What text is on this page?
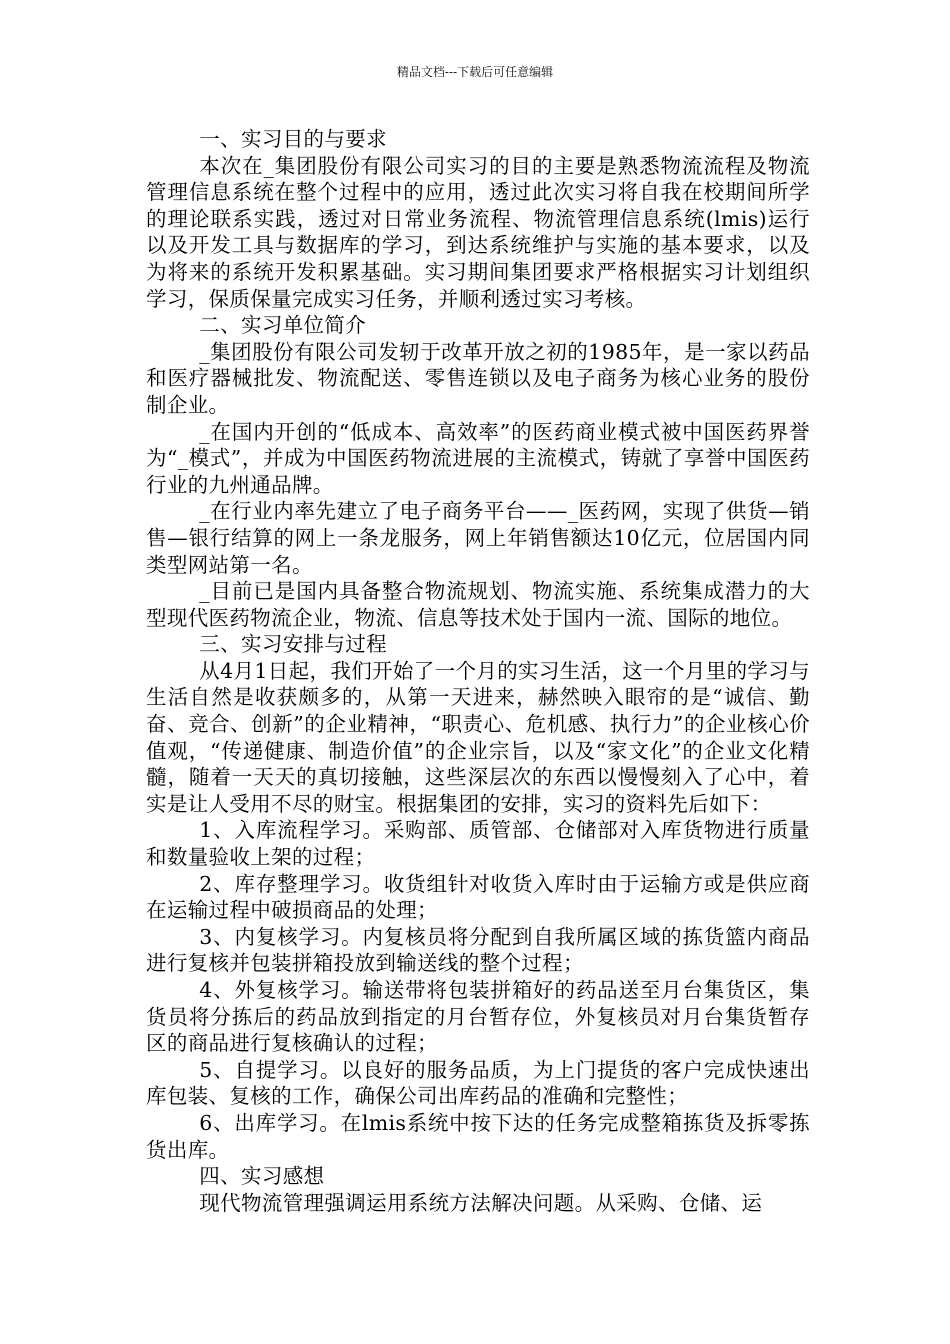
精品文档---下载后可任意编辑

一、实习目的与要求

本次在_集团股份有限公司实习的目的主要是熟悉物流流程及物流管理信息系统在整个过程中的应用，透过此次实习将自我在校期间所学的理论联系实践，透过对日常业务流程、物流管理信息系统(lmis)运行以及开发工具与数据库的学习，到达系统维护与实施的基本要求，以及为将来的系统开发积累基础。实习期间集团要求严格根据实习计划组织学习，保质保量完成实习任务，并顺利透过实习考核。

二、实习单位简介

_集团股份有限公司发轫于改革开放之初的1985年，是一家以药品和医疗器械批发、物流配送、零售连锁以及电子商务为核心业务的股份制企业。

_在国内开创的“低成本、高效率”的医药商业模式被中国医药界誉为“_模式”，并成为中国医药物流进展的主流模式，铸就了享誉中国医药行业的九州通品牌。

_在行业内率先建立了电子商务平台——_医药网，实现了供货—销售—银行结算的网上一条龙服务，网上年销售额达10亿元，位居国内同类型网站第一名。

_目前已是国内具备整合物流规划、物流实施、系统集成潜力的大型现代医药物流企业，物流、信息等技术处于国内一流、国际的地位。

三、实习安排与过程

从4月1日起，我们开始了一个月的实习生活，这一个月里的学习与生活自然是收获颇多的，从第一天进来，赫然映入眼帘的是“诚信、勤奋、竞合、创新”的企业精神，“职责心、危机感、执行力”的企业核心价值观，“传递健康、制造价值”的企业宗旨，以及“家文化”的企业文化精髓，随着一天天的真切接触，这些深层次的东西以慢慢刻入了心中，着实是让人受用不尽的财宝。根据集团的安排，实习的资料先后如下：

1、入库流程学习。采购部、质管部、仓储部对入库货物进行质量和数量验收上架的过程；

2、库存整理学习。收货组针对收货入库时由于运输方或是供应商在运输过程中破损商品的处理；

3、内复核学习。内复核员将分配到自我所属区域的拣货篮内商品进行复核并包装拼箱投放到输送线的整个过程；

4、外复核学习。输送带将包装拼箱好的药品送至月台集货区，集货员将分拣后的药品放到指定的月台暂存位，外复核员对月台集货暂存区的商品进行复核确认的过程；

5、自提学习。以良好的服务品质，为上门提货的客户完成快速出库包装、复核的工作，确保公司出库药品的准确和完整性；

6、出库学习。在lmis系统中按下达的任务完成整箱拣货及拆零拣货出库。

四、实习感想

现代物流管理强调运用系统方法解决问题。从采购、仓储、运
